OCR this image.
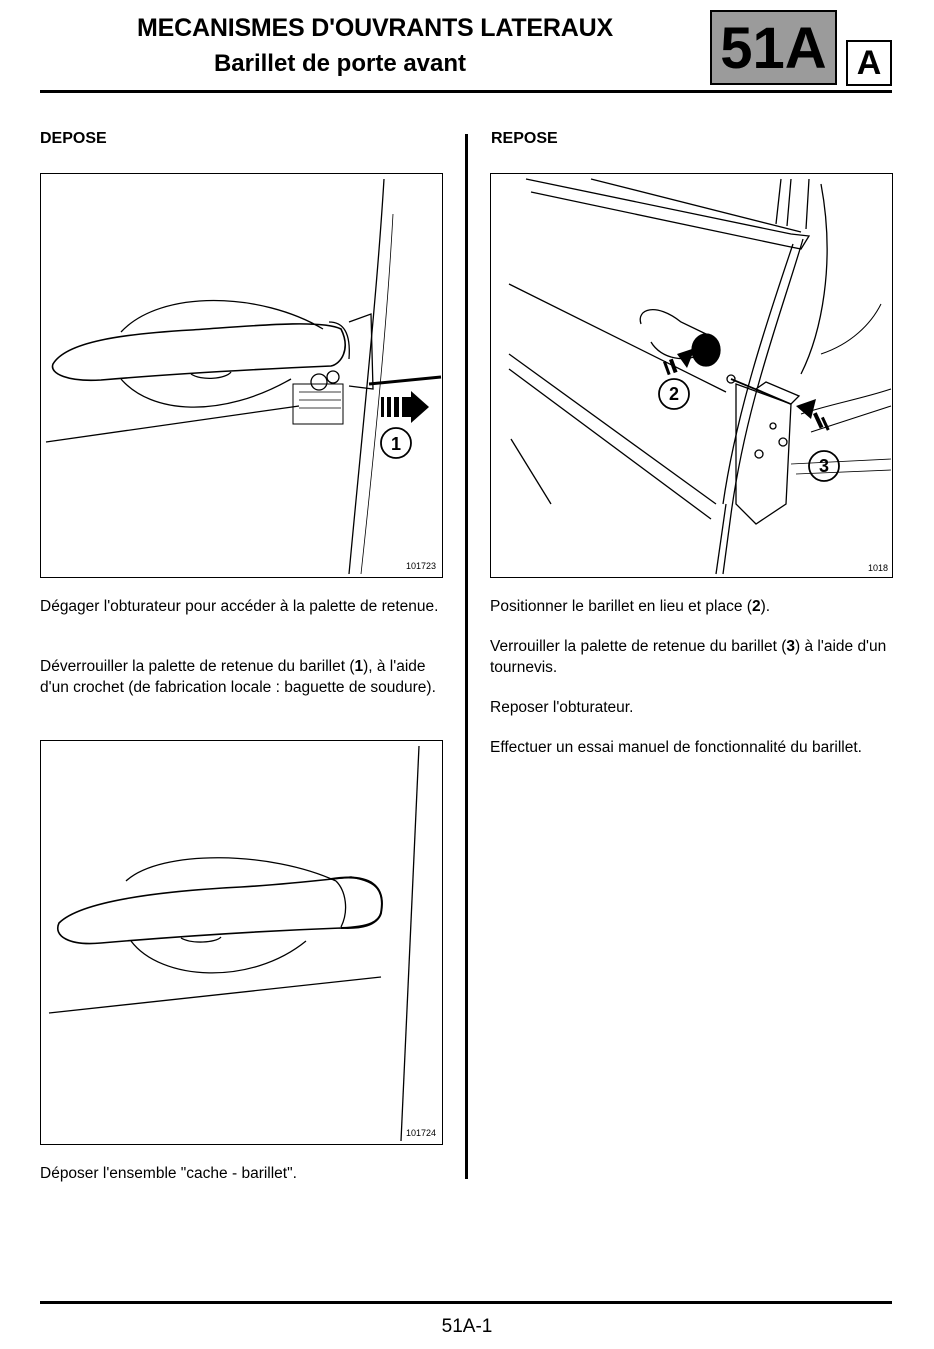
MECANISMES D'OUVRANTS LATERAUX
Barillet de porte avant	51A A
DEPOSE
1
101723
Dégager l'obturateur pour accéder à la palette de retenue.
Déverrouiller la palette de retenue du barillet (1), à l'aide d'un crochet (de fabrication locale : baguette de soudure).
101724
Déposer l'ensemble "cache - barillet".
REPOSE
2
3
1018
Positionner le barillet en lieu et place (2).
Verrouiller la palette de retenue du barillet (3) à l'aide d'un tournevis.
Reposer l'obturateur.
Effectuer un essai manuel de fonctionnalité du barillet.
51A-1
